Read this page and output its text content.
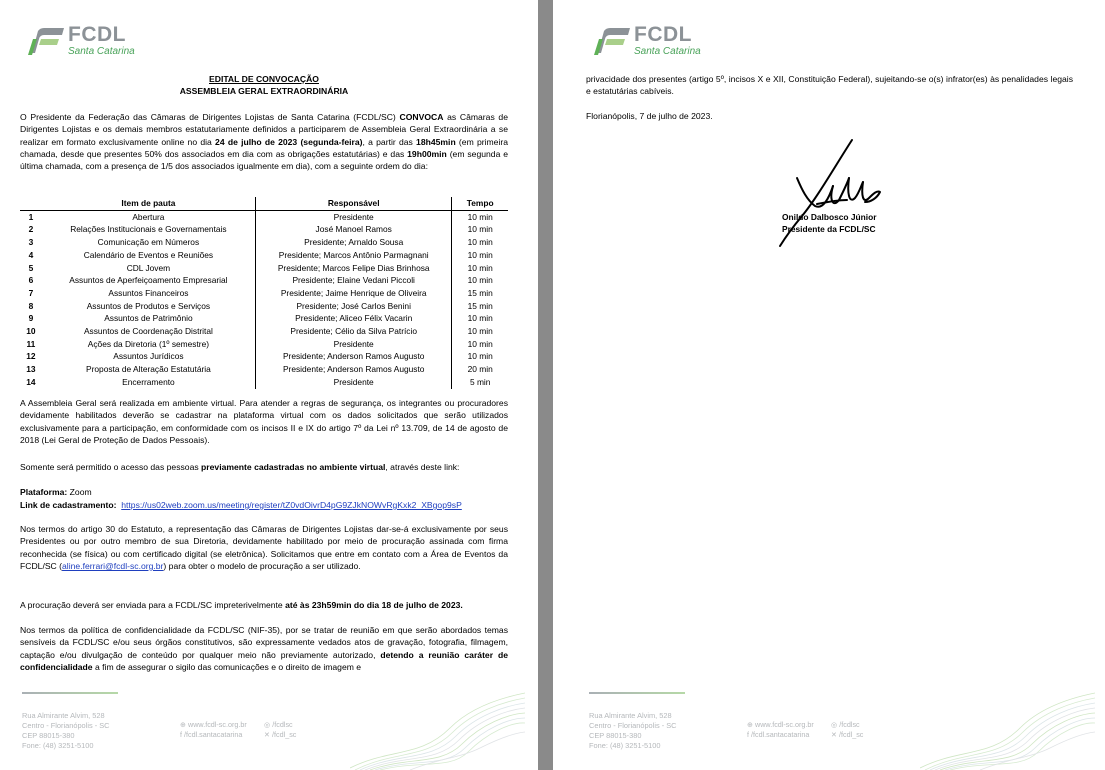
FCDL
Santa Catarina
EDITAL DE CONVOCAÇÃO
ASSEMBLEIA GERAL EXTRAORDINÁRIA

O Presidente da Federação das Câmaras de Dirigentes Lojistas de Santa Catarina (FCDL/SC) CONVOCA as Câmaras de Dirigentes Lojistas e os demais membros estatutariamente definidos a participarem de Assembleia Geral Extraordinária a se realizar em formato exclusivamente online no dia 24 de julho de 2023 (segunda-feira), a partir das 18h45min (em primeira chamada, desde que presentes 50% dos associados em dia com as obrigações estatutárias) e das 19h00min (em segunda e última chamada, com a presença de 1/5 dos associados igualmente em dia), com a seguinte ordem do dia:

	Item de pauta	Responsável	Tempo
1	Abertura	Presidente	10 min
2	Relações Institucionais e Governamentais	José Manoel Ramos	10 min
3	Comunicação em Números	Presidente; Arnaldo Sousa	10 min
4	Calendário de Eventos e Reuniões	Presidente; Marcos Antônio Parmagnani	10 min
5	CDL Jovem	Presidente; Marcos Felipe Dias Brinhosa	10 min
6	Assuntos de Aperfeiçoamento Empresarial	Presidente; Elaine Vedani Piccoli	10 min
7	Assuntos Financeiros	Presidente; Jaime Henrique de Oliveira	15 min
8	Assuntos de Produtos e Serviços	Presidente; José Carlos Benini	15 min
9	Assuntos de Patrimônio	Presidente; Aliceo Félix Vacarin	10 min
10	Assuntos de Coordenação Distrital	Presidente; Célio da Silva Patrício	10 min
11	Ações da Diretoria (1º semestre)	Presidente	10 min
12	Assuntos Jurídicos	Presidente; Anderson Ramos Augusto	10 min
13	Proposta de Alteração Estatutária	Presidente; Anderson Ramos Augusto	20 min
14	Encerramento	Presidente	5 min

A Assembleia Geral será realizada em ambiente virtual. Para atender a regras de segurança, os integrantes ou procuradores devidamente habilitados deverão se cadastrar na plataforma virtual com os dados solicitados que serão utilizados exclusivamente para a participação, em conformidade com os incisos II e IX do artigo 7º da Lei nº 13.709, de 14 de agosto de 2018 (Lei Geral de Proteção de Dados Pessoais).

Somente será permitido o acesso das pessoas previamente cadastradas no ambiente virtual, através deste link:

Plataforma: Zoom
Link de cadastramento: https://us02web.zoom.us/meeting/register/tZ0vdOivrD4pG9ZJkNOWvRgKxk2_XBgop9sP

Nos termos do artigo 30 do Estatuto, a representação das Câmaras de Dirigentes Lojistas dar-se-á exclusivamente por seus Presidentes ou por outro membro de sua Diretoria, devidamente habilitado por meio de procuração assinada com firma reconhecida (se física) ou com certificado digital (se eletrônica). Solicitamos que entre em contato com a Área de Eventos da FCDL/SC (aline.ferrari@fcdl-sc.org.br) para obter o modelo de procuração a ser utilizado.

A procuração deverá ser enviada para a FCDL/SC impreterivelmente até às 23h59min do dia 18 de julho de 2023.

Nos termos da política de confidencialidade da FCDL/SC (NIF-35), por se tratar de reunião em que serão abordados temas sensíveis da FCDL/SC e/ou seus órgãos constitutivos, são expressamente vedados atos de gravação, fotografia, filmagem, captação e/ou divulgação de conteúdo por qualquer meio não previamente autorizado, detendo a reunião caráter de confidencialidade a fim de assegurar o sigilo das comunicações e o direito de imagem e

Rua Almirante Alvim, 528
Centro - Florianópolis - SC
CEP 88015-380
Fone: (48) 3251-5100
⊕ www.fcdl-sc.org.br
f /fcdl.santacatarina
◎ /fcdlsc
✕ /fcdl_sc
FCDL
Santa Catarina

privacidade dos presentes (artigo 5º, incisos X e XII, Constituição Federal), sujeitando-se o(s) infrator(es) às penalidades legais e estatutárias cabíveis.

Florianópolis, 7 de julho de 2023.

Onildo Dalbosco Júnior
Presidente da FCDL/SC
Rua Almirante Alvim, 528
Centro - Florianópolis - SC
CEP 88015-380
Fone: (48) 3251-5100
⊕ www.fcdl-sc.org.br
f /fcdl.santacatarina
◎ /fcdlsc
✕ /fcdl_sc
